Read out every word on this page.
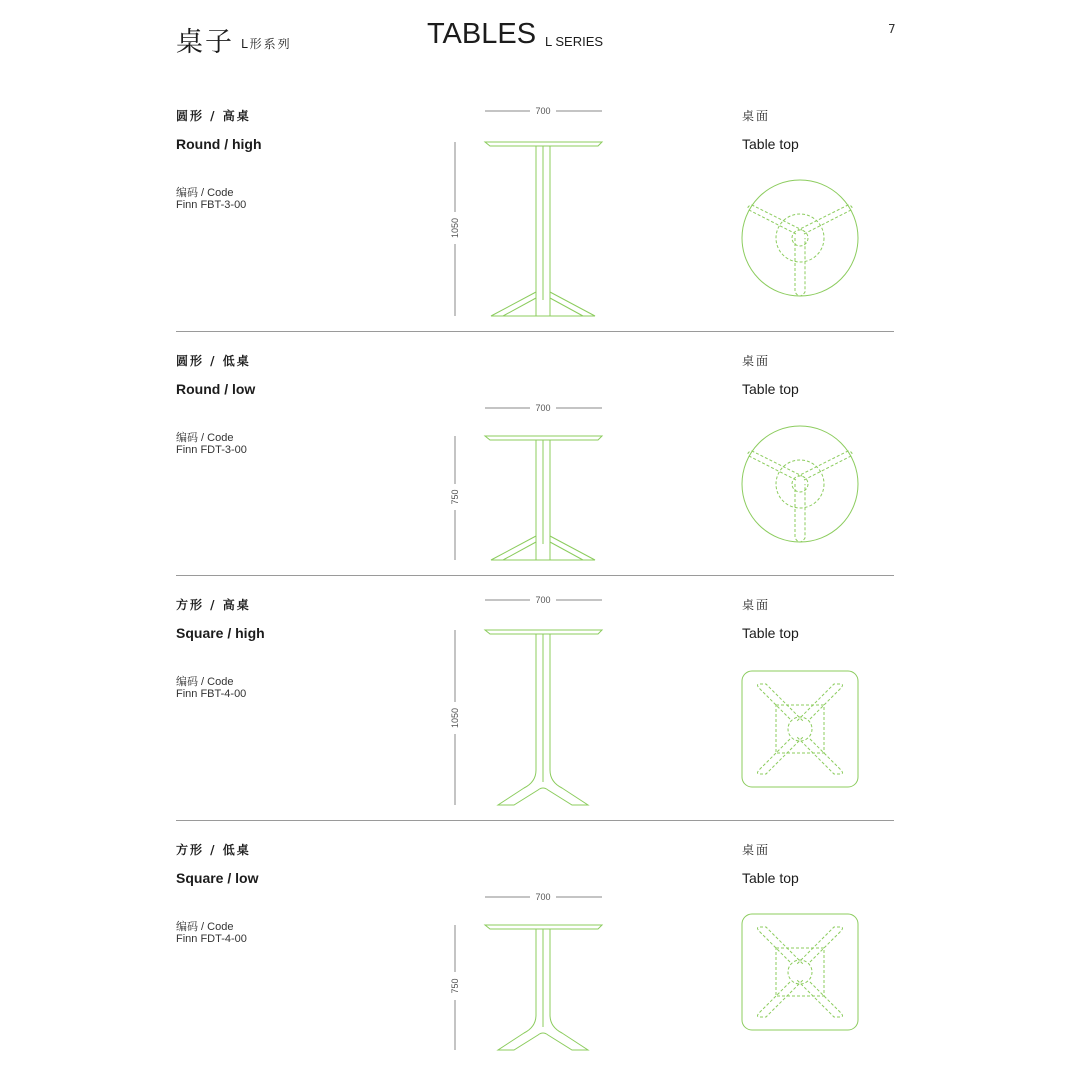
桌子 L形系列	TABLES L SERIES
7
圆形 / 高桌
Round / high
编码 / Code
Finn FBT-3-00
桌面
Table top
700
1050
圆形 / 低桌
Round / low
编码 / Code
Finn FDT-3-00
桌面
Table top
700
750
方形 / 高桌
Square / high
编码 / Code
Finn FBT-4-00
桌面
Table top
700
1050
方形 / 低桌
Square / low
编码 / Code
Finn FDT-4-00
桌面
Table top
700
750
